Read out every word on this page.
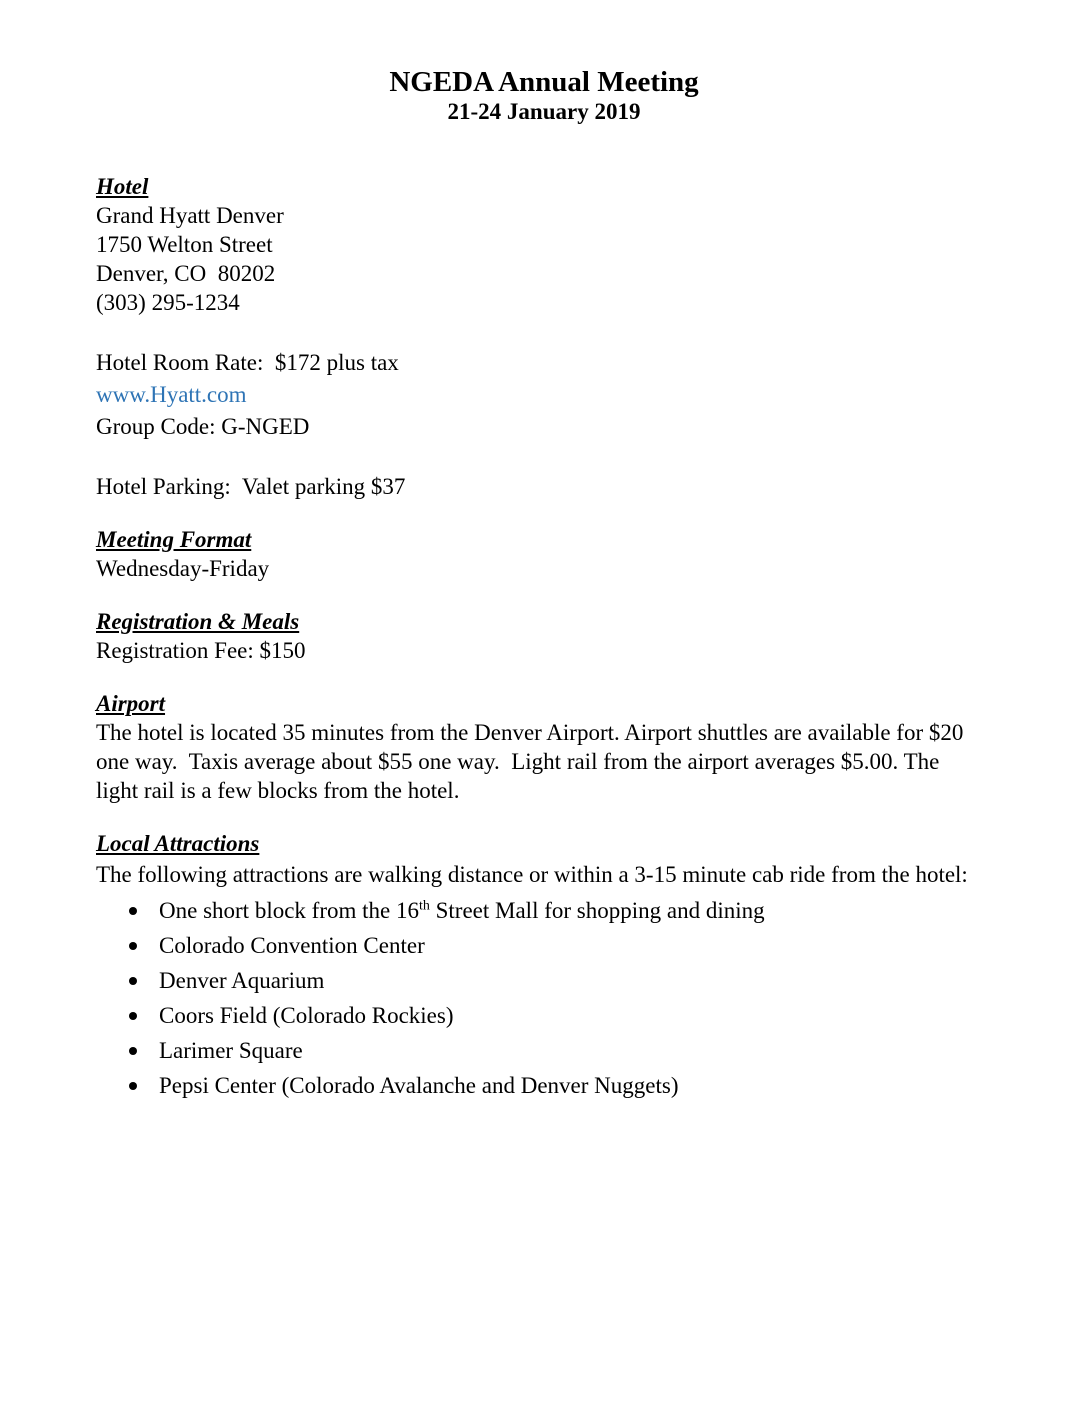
NGEDA Annual Meeting
21-24 January 2019
Hotel
Grand Hyatt Denver
1750 Welton Street
Denver, CO  80202
(303) 295-1234
Hotel Room Rate:  $172 plus tax
www.Hyatt.com
Group Code: G-NGED
Hotel Parking:  Valet parking $37
Meeting Format
Wednesday-Friday
Registration & Meals
Registration Fee: $150
Airport
The hotel is located 35 minutes from the Denver Airport. Airport shuttles are available for $20 one way.  Taxis average about $55 one way.  Light rail from the airport averages $5.00. The light rail is a few blocks from the hotel.
Local Attractions
The following attractions are walking distance or within a 3-15 minute cab ride from the hotel:
One short block from the 16th Street Mall for shopping and dining
Colorado Convention Center
Denver Aquarium
Coors Field (Colorado Rockies)
Larimer Square
Pepsi Center (Colorado Avalanche and Denver Nuggets)
